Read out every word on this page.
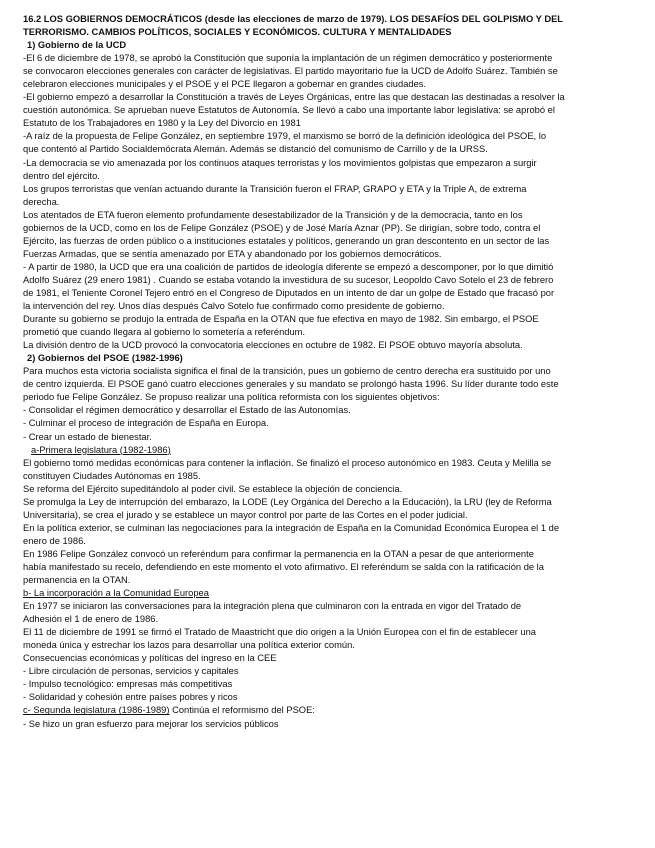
16.2 LOS GOBIERNOS DEMOCRÁTICOS (desde las elecciones de marzo de 1979). LOS DESAFÍOS DEL GOLPISMO Y DEL
TERRORISMO. CAMBIOS POLÍTICOS, SOCIALES Y ECONÓMICOS. CULTURA Y MENTALIDADES
1) Gobierno de la UCD
-El 6 de diciembre de 1978, se aprobó la Constitución que suponía la implantación de un régimen democrático y posteriormente
se convocaron elecciones generales con carácter de legislativas. El partido mayoritario fue la UCD de Adolfo Suárez. También se
celebraron elecciones municipales y el PSOE y el PCE llegaron a gobernar en grandes ciudades.
-El gobierno empezó a desarrollar la Constitución a través de Leyes Orgánicas, entre las que destacan las destinadas a resolver la
cuestión autonómica. Se aprueban nueve Estatutos de Autonomía. Se llevó a cabo una importante labor legislativa: se aprobó el
Estatuto de los Trabajadores en 1980 y la Ley del Divorcio en 1981
-A raíz de la propuesta de Felipe González, en septiembre 1979, el marxismo se borró de la definición ideológica del PSOE, lo
que contentó al Partido Socialdemócrata Alemán. Además se distanció del comunismo de Carrillo y de la URSS.
-La democracia se vio amenazada por los continuos ataques terroristas y los movimientos golpistas que empezaron a surgir
dentro del ejército.
Los grupos terroristas que venían actuando durante la Transición fueron el FRAP, GRAPO y ETA y la Triple A, de extrema
derecha.
Los atentados de ETA fueron elemento profundamente desestabilizador de la Transición y de la democracia, tanto en los
gobiernos de la UCD, como en los de Felipe González (PSOE) y de José María Aznar (PP). Se dirigían, sobre todo, contra el
Ejército, las fuerzas de orden público o a instituciones estatales y políticos, generando un gran descontento en un sector de las
Fuerzas Armadas, que se sentía amenazado por ETA y abandonado por los gobiernos democráticos.
- A partir de 1980, la UCD que era una coalición de partidos de ideología diferente se empezó a descomponer, por lo que dimitió
Adolfo Suárez (29 enero 1981) . Cuando se estaba votando la investidura de su sucesor, Leopoldo Cavo Sotelo el 23 de febrero
de 1981, el Teniente Coronel Tejero entró en el Congreso de Diputados en un intento de dar un golpe de Estado que fracasó por
la intervención del rey. Unos días después Calvo Sotelo fue confirmado como presidente de gobierno.
Durante su gobierno se produjo la entrada de España en la OTAN que fue efectiva en mayo de 1982. Sin embargo, el PSOE
prometió que cuando llegara al gobierno lo sometería a referéndum.
La división dentro de la UCD provocó la convocatoria elecciones en octubre de 1982. El PSOE obtuvo mayoría absoluta.
2) Gobiernos del PSOE (1982-1996)
Para muchos esta victoria socialista significa el final de la transición, pues un gobierno de centro derecha era sustituido por uno
de centro izquierda. El PSOE ganó cuatro elecciones generales y su mandato se prolongó hasta 1996. Su líder durante todo este
periodo fue Felipe González. Se propuso realizar una política reformista con los siguientes objetivos:
- Consolidar el régimen democrático y desarrollar el Estado de las Autonomías.
- Culminar el proceso de integración de España en Europa.
- Crear un estado de bienestar.
a-Primera legislatura (1982-1986)
El gobierno tomó medidas económicas para contener la inflación. Se finalizó el proceso autonómico en 1983. Ceuta y Melilla se
constituyen Ciudades Autónomas en 1985.
Se reforma del Ejército supeditándolo al poder civil. Se establece la objeción de conciencia.
Se promulga la Ley de interrupción del embarazo, la LODE (Ley Orgánica del Derecho a la Educación), la LRU (ley de Reforma
Universitaria), se crea el jurado y se establece un mayor control por parte de las Cortes en el poder judicial.
En la política exterior, se culminan las negociaciones para la integración de España en la Comunidad Económica Europea el 1 de
enero de 1986.
En 1986 Felipe González convocó un referéndum para confirmar la permanencia en la OTAN a pesar de que anteriormente
había manifestado su recelo, defendiendo en este momento el voto afirmativo. El referéndum se salda con la ratificación de la
permanencia en la OTAN.
b- La incorporación a la Comunidad Europea
En 1977 se iniciaron las conversaciones para la integración plena que culminaron con la entrada en vigor del Tratado de
Adhesión el 1 de enero de 1986.
El 11 de diciembre de 1991 se firmó el Tratado de Maastricht que dio origen a la Unión Europea con el fin de establecer una
moneda única y estrechar los lazos para desarrollar una política exterior común.
Consecuencias económicas y políticas del ingreso en la CEE
- Libre circulación de personas, servicios y capitales
- Impulso tecnológico: empresas más competitivas
- Solidaridad y cohesión entre países pobres y ricos
c- Segunda legislatura (1986-1989) Continúa el reformismo del PSOE:
- Se hizo un gran esfuerzo para mejorar los servicios públicos
